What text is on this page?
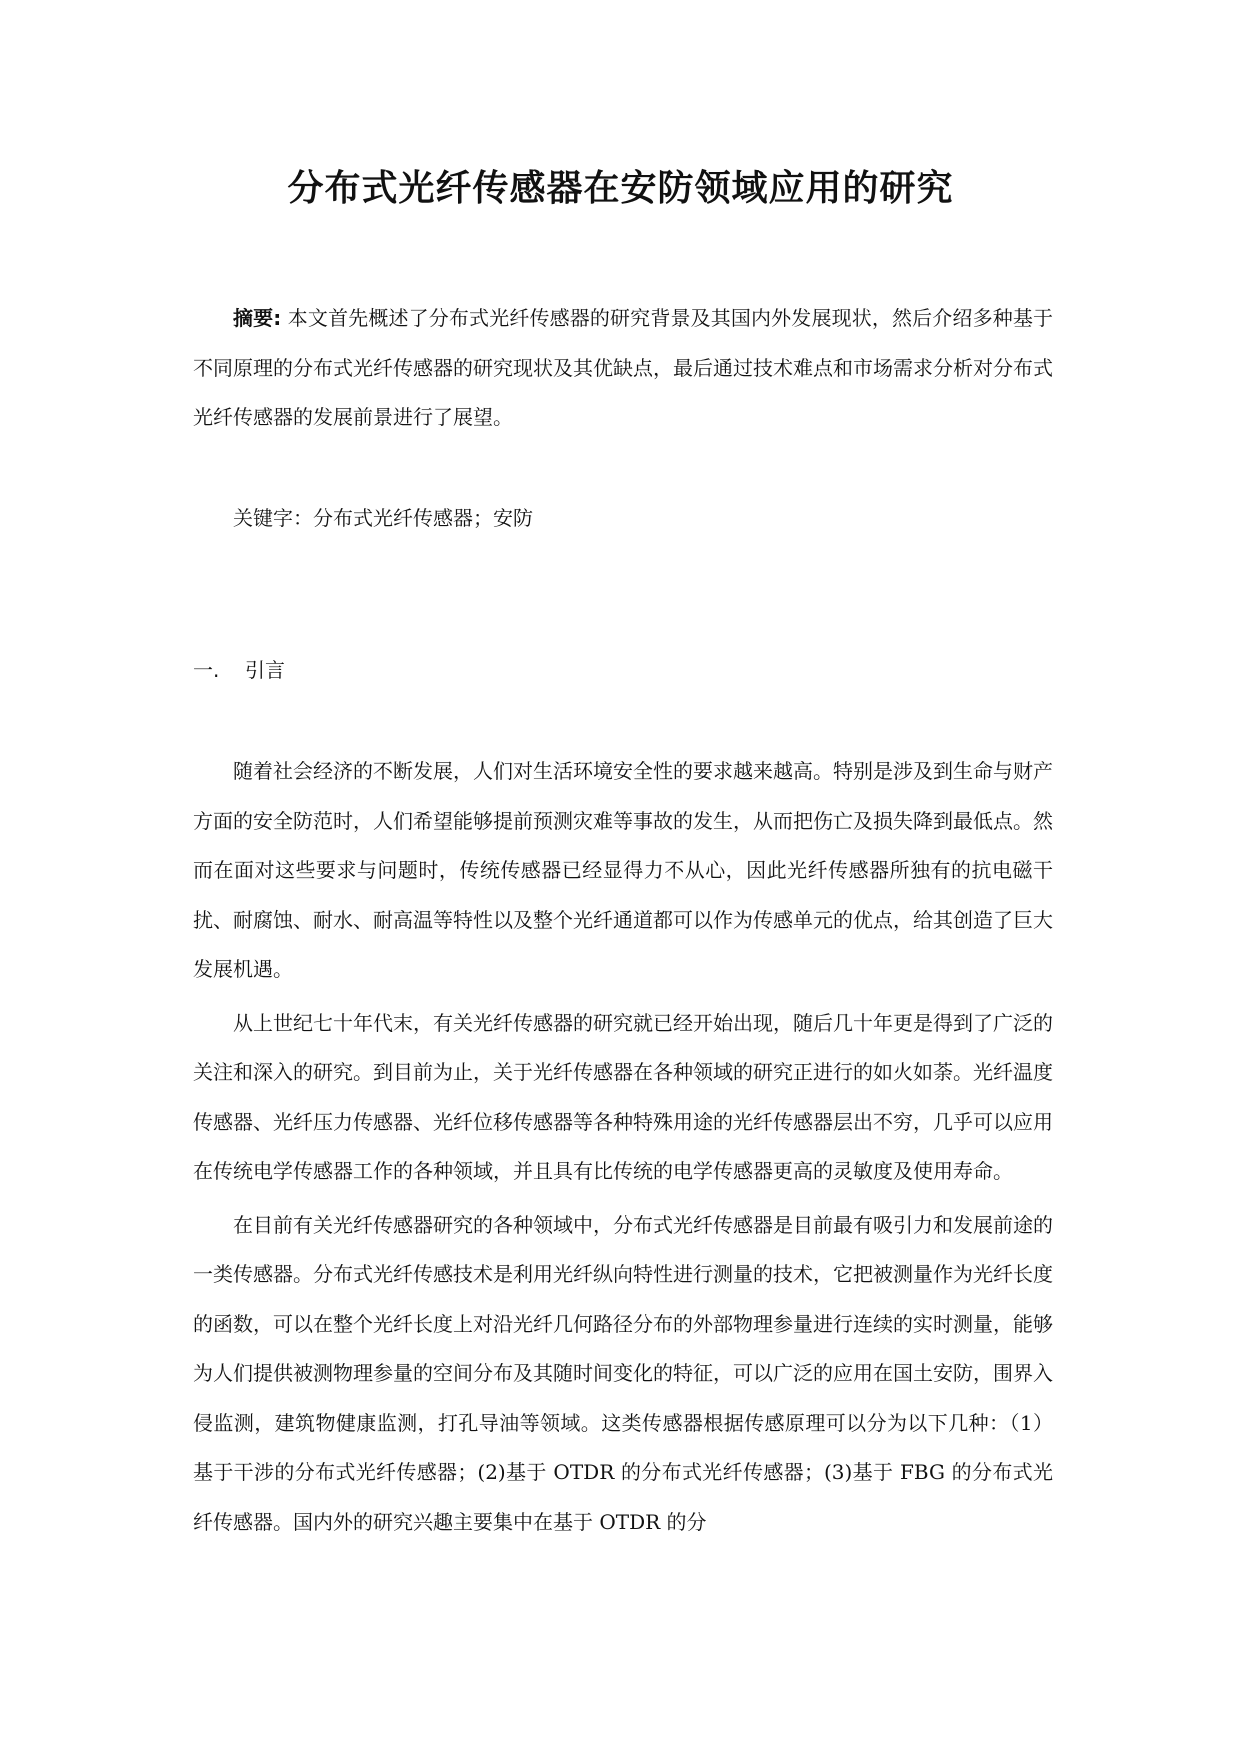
分布式光纤传感器在安防领域应用的研究
摘要: 本文首先概述了分布式光纤传感器的研究背景及其国内外发展现状，然后介绍多种基于不同原理的分布式光纤传感器的研究现状及其优缺点，最后通过技术难点和市场需求分析对分布式光纤传感器的发展前景进行了展望。
关键字：分布式光纤传感器；安防
一. 引言

随着社会经济的不断发展，人们对生活环境安全性的要求越来越高。特别是涉及到生命与财产方面的安全防范时，人们希望能够提前预测灾难等事故的发生，从而把伤亡及损失降到最低点。然而在面对这些要求与问题时，传统传感器已经显得力不从心，因此光纤传感器所独有的抗电磁干扰、耐腐蚀、耐水、耐高温等特性以及整个光纤通道都可以作为传感单元的优点，给其创造了巨大发展机遇。

从上世纪七十年代末，有关光纤传感器的研究就已经开始出现，随后几十年更是得到了广泛的关注和深入的研究。到目前为止，关于光纤传感器在各种领域的研究正进行的如火如荼。光纤温度传感器、光纤压力传感器、光纤位移传感器等各种特殊用途的光纤传感器层出不穷，几乎可以应用在传统电学传感器工作的各种领域，并且具有比传统的电学传感器更高的灵敏度及使用寿命。

在目前有关光纤传感器研究的各种领域中，分布式光纤传感器是目前最有吸引力和发展前途的一类传感器。分布式光纤传感技术是利用光纤纵向特性进行测量的技术，它把被测量作为光纤长度的函数，可以在整个光纤长度上对沿光纤几何路径分布的外部物理参量进行连续的实时测量，能够为人们提供被测物理参量的空间分布及其随时间变化的特征，可以广泛的应用在国土安防，围界入侵监测，建筑物健康监测，打孔导油等领域。这类传感器根据传感原理可以分为以下几种：（1）基于干涉的分布式光纤传感器；(2)基于 OTDR 的分布式光纤传感器；(3)基于 FBG 的分布式光纤传感器。国内外的研究兴趣主要集中在基于 OTDR 的分
